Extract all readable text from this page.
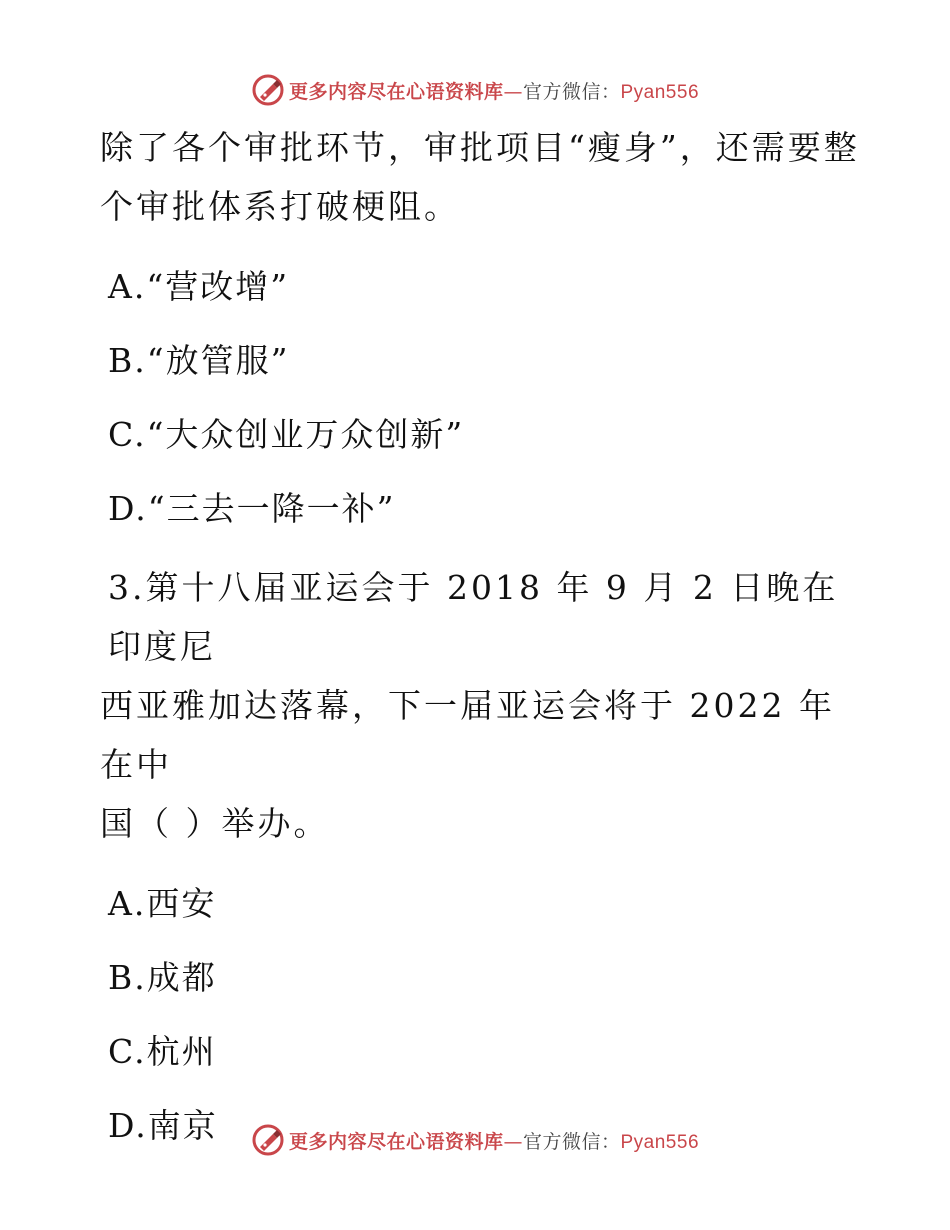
更多内容尽在心语资料库—官方微信：Pyan556

除了各个审批环节，审批项目“瘦身”，还需要整

个审批体系打破梗阻。

A.“营改增”

B.“放管服”

C.“大众创业万众创新”

D.“三去一降一补”

3.第十八届亚运会于 2018 年 9 月 2 日晚在印度尼

西亚雅加达落幕，下一届亚运会将于 2022 年在中

国（ ）举办。

A.西安

B.成都

C.杭州

D.南京	更多内容尽在心语资料库—官方微信：Pyan556
